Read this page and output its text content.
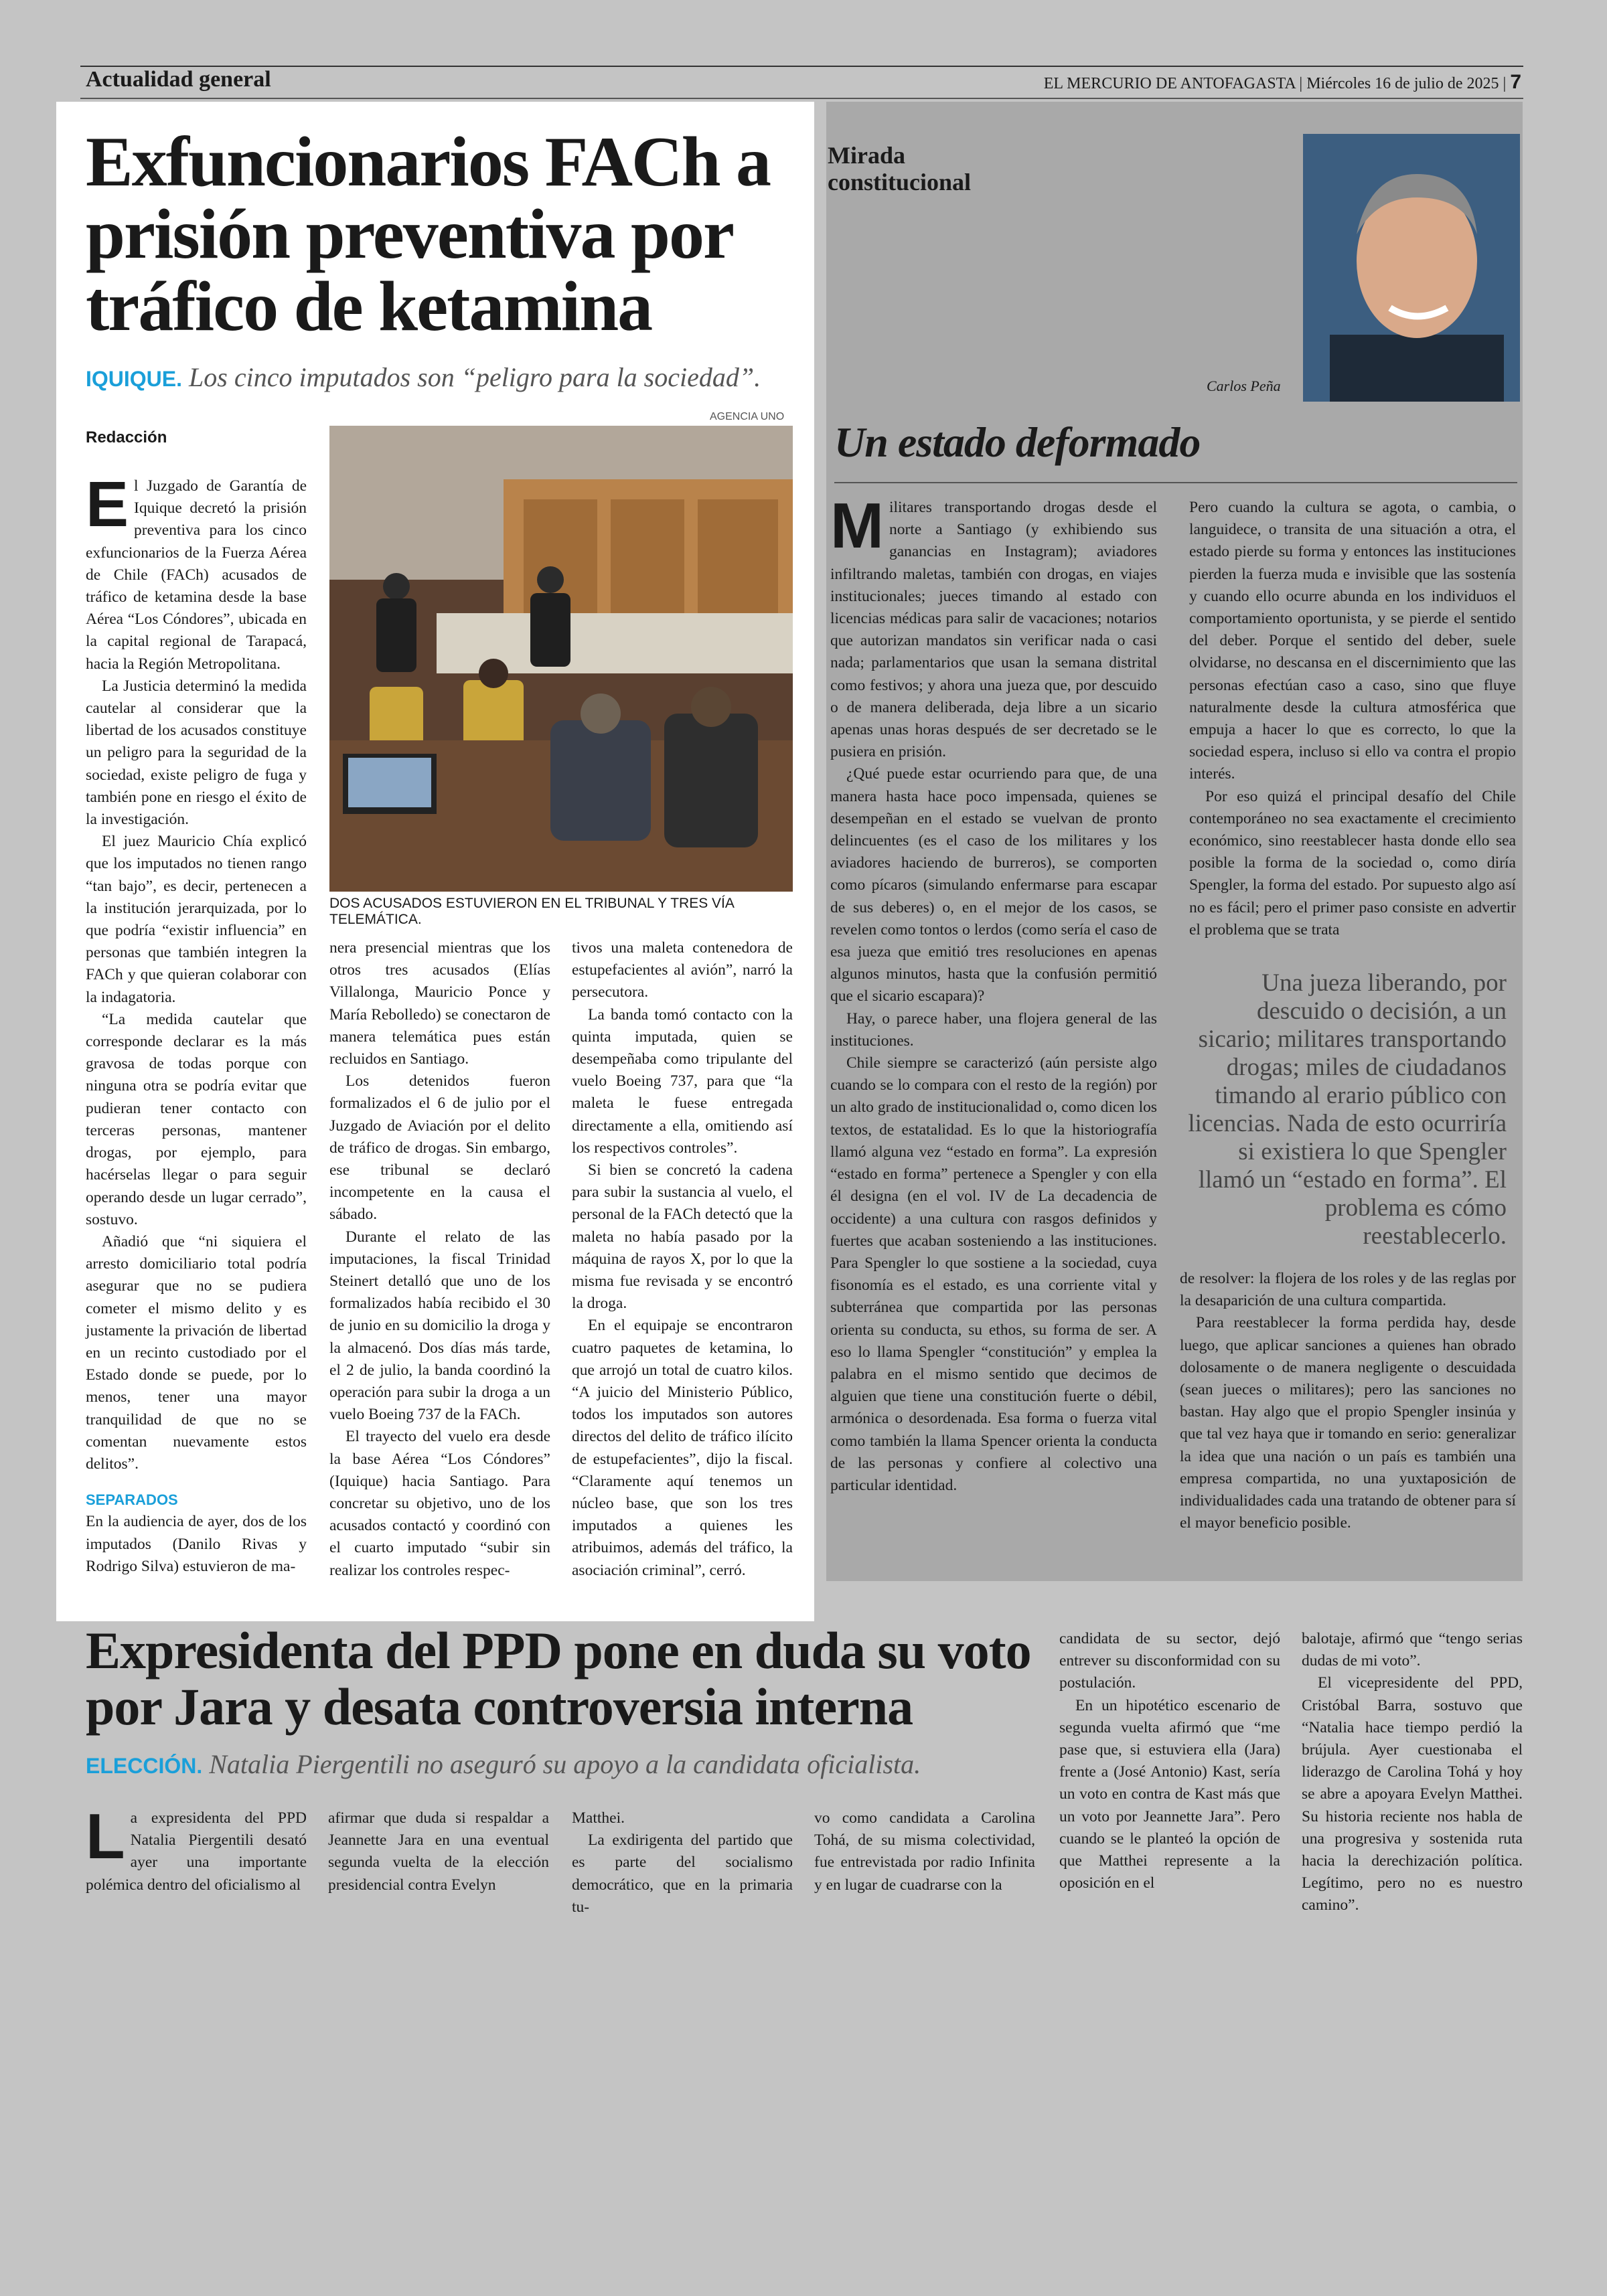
Actualidad general	EL MERCURIO DE ANTOFAGASTA | Miércoles 16 de julio de 2025 | 7
Exfuncionarios FACh a prisión preventiva por tráfico de ketamina
IQUIQUE. Los cinco imputados son “peligro para la sociedad”.
Redacción

El Juzgado de Garantía de Iquique decretó la prisión preventiva para los cinco exfuncionarios de la Fuerza Aérea de Chile (FACh) acusados de tráfico de ketamina desde la base Aérea “Los Cóndores”, ubicada en la capital regional de Tarapacá, hacia la Región Metropolitana.

La Justicia determinó la medida cautelar al considerar que la libertad de los acusados constituye un peligro para la seguridad de la sociedad, existe peligro de fuga y también pone en riesgo el éxito de la investigación.

El juez Mauricio Chía explicó que los imputados no tienen rango “tan bajo”, es decir, pertenecen a la institución jerarquizada, por lo que podría “existir influencia” en personas que también integren la FACh y que quieran colaborar con la indagatoria.

“La medida cautelar que corresponde declarar es la más gravosa de todas porque con ninguna otra se podría evitar que pudieran tener contacto con terceras personas, mantener drogas, por ejemplo, para hacérselas llegar o para seguir operando desde un lugar cerrado”, sostuvo.

Añadió que “ni siquiera el arresto domiciliario total podría asegurar que no se pudiera cometer el mismo delito y es justamente la privación de libertad en un recinto custodiado por el Estado donde se puede, por lo menos, tener una mayor tranquilidad de que no se comentan nuevamente estos delitos”.

SEPARADOS

En la audiencia de ayer, dos de los imputados (Danilo Rivas y Rodrigo Silva) estuvieron de ma-

AGENCIA UNO
DOS ACUSADOS ESTUVIERON EN EL TRIBUNAL Y TRES VÍA TELEMÁTICA.

nera presencial mientras que los otros tres acusados (Elías Villalonga, Mauricio Ponce y María Rebolledo) se conectaron de manera telemática pues están recluidos en Santiago.

Los detenidos fueron formalizados el 6 de julio por el Juzgado de Aviación por el delito de tráfico de drogas. Sin embargo, ese tribunal se declaró incompetente en la causa el sábado.

Durante el relato de las imputaciones, la fiscal Trinidad Steinert detalló que uno de los formalizados había recibido el 30 de junio en su domicilio la droga y la almacenó. Dos días más tarde, el 2 de julio, la banda coordinó la operación para subir la droga a un vuelo Boeing 737 de la FACh.

El trayecto del vuelo era desde la base Aérea “Los Cóndores” (Iquique) hacia Santiago. Para concretar su objetivo, uno de los acusados contactó y coordinó con el cuarto imputado “subir sin realizar los controles respec-

tivos una maleta contenedora de estupefacientes al avión”, narró la persecutora.

La banda tomó contacto con la quinta imputada, quien se desempeñaba como tripulante del vuelo Boeing 737, para que “la maleta le fuese entregada directamente a ella, omitiendo así los respectivos controles”.

Si bien se concretó la cadena para subir la sustancia al vuelo, el personal de la FACh detectó que la maleta no había pasado por la máquina de rayos X, por lo que la misma fue revisada y se encontró la droga.

En el equipaje se encontraron cuatro paquetes de ketamina, lo que arrojó un total de cuatro kilos. “A juicio del Ministerio Público, todos los imputados son autores directos del delito de tráfico ilícito de estupefacientes”, dijo la fiscal. “Claramente aquí tenemos un núcleo base, que son los tres imputados a quienes les atribuimos, además del tráfico, la asociación criminal”, cerró.

Mirada constitucional
Carlos Peña
Un estado deformado

Militares transportando drogas desde el norte a Santiago (y exhibiendo sus ganancias en Instagram); aviadores infiltrando maletas, también con drogas, en viajes institucionales; jueces timando al estado con licencias médicas para salir de vacaciones; notarios que autorizan mandatos sin verificar nada o casi nada; parlamentarios que usan la semana distrital como festivos; y ahora una jueza que, por descuido o de manera deliberada, deja libre a un sicario apenas unas horas después de ser decretado se le pusiera en prisión.

¿Qué puede estar ocurriendo para que, de una manera hasta hace poco impensada, quienes se desempeñan en el estado se vuelvan de pronto delincuentes (es el caso de los militares y los aviadores haciendo de burreros), se comporten como pícaros (simulando enfermarse para escapar de sus deberes) o, en el mejor de los casos, se revelen como tontos o lerdos (como sería el caso de esa jueza que emitió tres resoluciones en apenas algunos minutos, hasta que la confusión permitió que el sicario escapara)?

Hay, o parece haber, una flojera general de las instituciones.

Chile siempre se caracterizó (aún persiste algo cuando se lo compara con el resto de la región) por un alto grado de institucionalidad o, como dicen los textos, de estatalidad. Es lo que la historiografía llamó alguna vez “estado en forma”. La expresión “estado en forma” pertenece a Spengler y con ella él designa (en el vol. IV de La decadencia de occidente) a una cultura con rasgos definidos y fuertes que acaban sosteniendo a las instituciones. Para Spengler lo que sostiene a la sociedad, cuya fisonomía es el estado, es una corriente vital y subterránea que compartida por las personas orienta su conducta, su ethos, su forma de ser. A eso lo llama Spengler “constitución” y emplea la palabra en el mismo sentido que decimos de alguien que tiene una constitución fuerte o débil, armónica o desordenada. Esa forma o fuerza vital como también la llama Spencer orienta la conducta de las personas y confiere al colectivo una particular identidad.

Pero cuando la cultura se agota, o cambia, o languidece, o transita de una situación a otra, el estado pierde su forma y entonces las instituciones pierden la fuerza muda e invisible que las sostenía y cuando ello ocurre abunda en los individuos el comportamiento oportunista, y se pierde el sentido del deber. Porque el sentido del deber, suele olvidarse, no descansa en el discernimiento que las personas efectúan caso a caso, sino que fluye naturalmente desde la cultura atmosférica que empuja a hacer lo que es correcto, lo que la sociedad espera, incluso si ello va contra el propio interés.

Por eso quizá el principal desafío del Chile contemporáneo no sea exactamente el crecimiento económico, sino reestablecer hasta donde ello sea posible la forma de la sociedad o, como diría Spengler, la forma del estado. Por supuesto algo así no es fácil; pero el primer paso consiste en advertir el problema que se trata

Una jueza liberando, por descuido o decisión, a un sicario; militares transportando drogas; miles de ciudadanos timando al erario público con licencias. Nada de esto ocurriría si existiera lo que Spengler llamó un “estado en forma”. El problema es cómo reestablecerlo.

de resolver: la flojera de los roles y de las reglas por la desaparición de una cultura compartida.

Para reestablecer la forma perdida hay, desde luego, que aplicar sanciones a quienes han obrado dolosamente o de manera negligente o descuidada (sean jueces o militares); pero las sanciones no bastan. Hay algo que el propio Spengler insinúa y que tal vez haya que ir tomando en serio: generalizar la idea que una nación o un país es también una empresa compartida, no una yuxtaposición de individualidades cada una tratando de obtener para sí el mayor beneficio posible.

Expresidenta del PPD pone en duda su voto por Jara y desata controversia interna
ELECCIÓN. Natalia Piergentili no aseguró su apoyo a la candidata oficialista.

La expresidenta del PPD Natalia Piergentili desató ayer una importante polémica dentro del oficialismo al

afirmar que duda si respaldar a Jeannette Jara en una eventual segunda vuelta de la elección presidencial contra Evelyn

Matthei.

La exdirigenta del partido que es parte del socialismo democrático, que en la primaria tu-

vo como candidata a Carolina Tohá, de su misma colectividad, fue entrevistada por radio Infinita y en lugar de cuadrarse con la

candidata de su sector, dejó entrever su disconformidad con su postulación.

En un hipotético escenario de segunda vuelta afirmó que “me pase que, si estuviera ella (Jara) frente a (José Antonio) Kast, sería un voto en contra de Kast más que un voto por Jeannette Jara”. Pero cuando se le planteó la opción de que Matthei represente a la oposición en el

balotaje, afirmó que “tengo serias dudas de mi voto”.

El vicepresidente del PPD, Cristóbal Barra, sostuvo que “Natalia hace tiempo perdió la brújula. Ayer cuestionaba el liderazgo de Carolina Tohá y hoy se abre a apoyara Evelyn Matthei. Su historia reciente nos habla de una progresiva y sostenida ruta hacia la derechización política. Legítimo, pero no es nuestro camino”.
